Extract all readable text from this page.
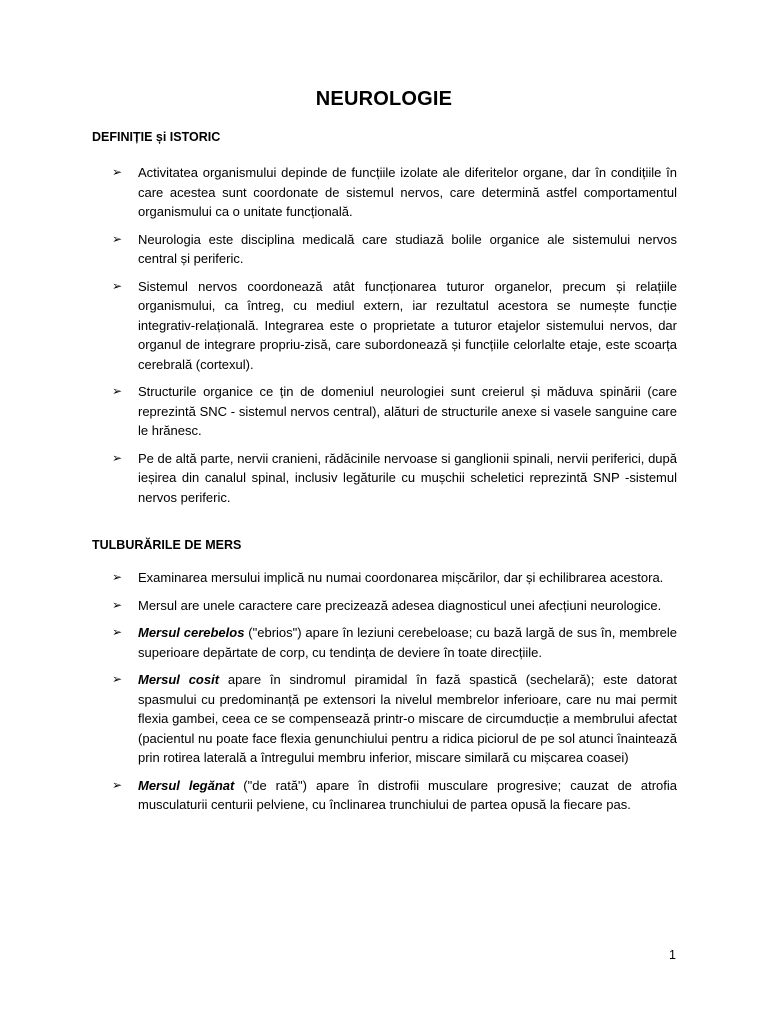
NEUROLOGIE
DEFINIȚIE și ISTORIC
➢ Activitatea organismului depinde de funcțiile izolate ale diferitelor organe, dar în condițiile în care acestea sunt coordonate de sistemul nervos, care determină astfel comportamentul organismului ca o unitate funcțională.
➢ Neurologia este disciplina medicală care studiază bolile organice ale sistemului nervos central și periferic.
➢ Sistemul nervos coordonează atât funcționarea tuturor organelor, precum și relațiile organismului, ca întreg, cu mediul extern, iar rezultatul acestora se numește funcție integrativ-relațională. Integrarea este o proprietate a tuturor etajelor sistemului nervos, dar organul de integrare propriu-zisă, care subordonează și funcțiile celorlalte etaje, este scoarța cerebrală (cortexul).
➢ Structurile organice ce țin de domeniul neurologiei sunt creierul și măduva spinării (care reprezintă SNC - sistemul nervos central), alături de structurile anexe si vasele sanguine care le hrănesc.
➢ Pe de altă parte, nervii cranieni, rădăcinile nervoase si ganglionii spinali, nervii periferici, după ieșirea din canalul spinal, inclusiv legăturile cu mușchii scheletici reprezintă SNP -sistemul nervos periferic.
TULBURĂRILE DE MERS
➢ Examinarea mersului implică nu numai coordonarea mișcărilor, dar și echilibrarea acestora.
➢ Mersul are unele caractere care precizează adesea diagnosticul unei afecțiuni neurologice.
➢ Mersul cerebelos ("ebrios") apare în leziuni cerebeloase; cu bază largă de sus în, membrele superioare depărtate de corp, cu tendința de deviere în toate direcțiile.
➢ Mersul cosit apare în sindromul piramidal în fază spastică (sechelară); este datorat spasmului cu predominanță pe extensori la nivelul membrelor inferioare, care nu mai permit flexia gambei, ceea ce se compensează printr-o miscare de circumducție a membrului afectat (pacientul nu poate face flexia genunchiului pentru a ridica piciorul de pe sol atunci înaintează prin rotirea laterală a întregului membru inferior, miscare similară cu mișcarea coasei)
➢ Mersul legănat ("de rată") apare în distrofii musculare progresive; cauzat de atrofia musculaturii centurii pelviene, cu înclinarea trunchiului de partea opusă la fiecare pas.
1
